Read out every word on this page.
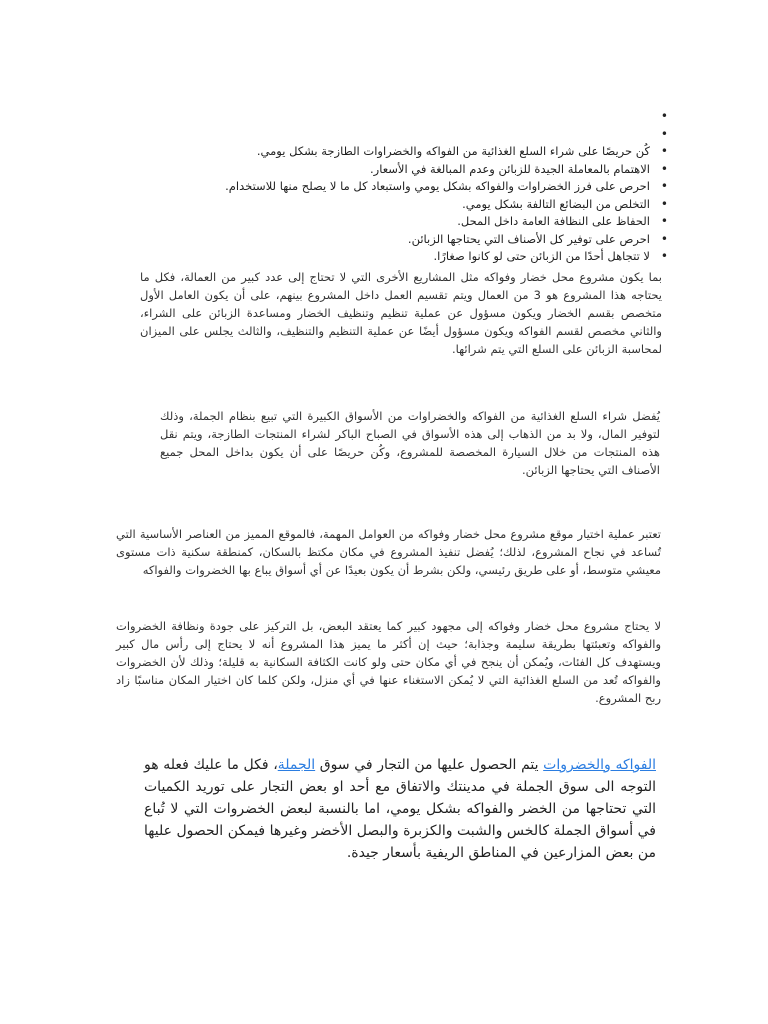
•
•
• كُن حريصًا على شراء السلع الغذائية من الفواكه والخضراوات الطازجة بشكل يومي.
• الاهتمام بالمعاملة الجيدة للزبائن وعدم المبالغة في الأسعار.
• احرص على فرز الخضراوات والفواكه بشكل يومي واستبعاد كل ما لا يصلح منها للاستخدام.
• التخلص من البضائع التالفة بشكل يومي.
• الحفاظ على النظافة العامة داخل المحل.
• احرص على توفير كل الأصناف التي يحتاجها الزبائن.
• لا تتجاهل أحدًا من الزبائن حتى لو كانوا صغارًا.

بما يكون مشروع محل خضار وفواكه مثل المشاريع الأخرى التي لا تحتاج إلى عدد كبير من العمالة، فكل ما يحتاجه هذا المشروع هو 3 من العمال ويتم تقسيم العمل داخل المشروع بينهم، على أن يكون العامل الأول متخصص بقسم الخضار ويكون مسؤول عن عملية تنظيم وتنظيف الخضار ومساعدة الزبائن على الشراء، والثاني مخصص لقسم الفواكه ويكون مسؤول أيضًا عن عملية التنظيم والتنظيف، والثالث يجلس على الميزان لمحاسبة الزبائن على السلع التي يتم شرائها.

يُفضل شراء السلع الغذائية من الفواكه والخضراوات من الأسواق الكبيرة التي تبيع بنظام الجملة، وذلك لتوفير المال، ولا بد من الذهاب إلى هذه الأسواق في الصباح الباكر لشراء المنتجات الطازجة، ويتم نقل هذه المنتجات من خلال السيارة المخصصة للمشروع، وكُن حريصًا على أن يكون بداخل المحل جميع الأصناف التي يحتاجها الزبائن.

تعتبر عملية اختيار موقع مشروع محل خضار وفواكه من العوامل المهمة، فالموقع المميز من العناصر الأساسية التي تُساعد في نجاح المشروع، لذلك؛ يُفضل تنفيذ المشروع في مكان مكتظ بالسكان، كمنطقة سكنية ذات مستوى معيشي متوسط، أو على طريق رئيسي، ولكن بشرط أن يكون بعيدًا عن أي أسواق يباع بها الخضروات والفواكه

لا يحتاج مشروع محل خضار وفواكه إلى مجهود كبير كما يعتقد البعض، بل التركيز على جودة ونظافة الخضروات والفواكه وتعبئتها بطريقة سليمة وجذابة؛ حيث إن أكثر ما يميز هذا المشروع أنه لا يحتاج إلى رأس مال كبير ويستهدف كل الفئات، ويُمكن أن ينجح في أي مكان حتى ولو كانت الكثافة السكانية به قليلة؛ وذلك لأن الخضروات والفواكه تُعد من السلع الغذائية التي لا يُمكن الاستغناء عنها في أي منزل، ولكن كلما كان اختيار المكان مناسبًا زاد ربح المشروع.

الفواكه والخضروات يتم الحصول عليها من التجار في سوق الجملة، فكل ما عليك فعله هو التوجه الى سوق الجملة في مدينتك والاتفاق مع أحد او بعض التجار على توريد الكميات التي تحتاجها من الخضر والفواكه بشكل يومي، اما بالنسبة لبعض الخضروات التي لا تُباع في أسواق الجملة كالخس والشبت والكزبرة والبصل الأخضر وغيرها فيمكن الحصول عليها من بعض المزارعين في المناطق الريفية بأسعار جيدة.
